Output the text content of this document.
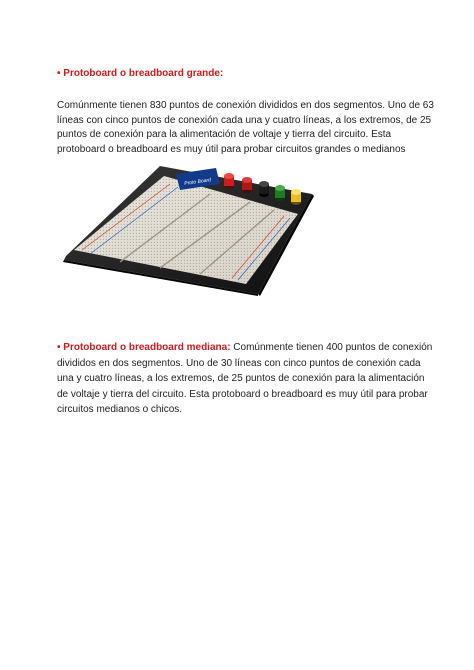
• Protoboard o breadboard grande:
Comúnmente tienen 830 puntos de conexión divididos en dos segmentos. Uno de 63
líneas con cinco puntos de conexión cada una y cuatro líneas, a los extremos, de 25
puntos de conexión para la alimentación de voltaje y tierra del circuito. Esta
protoboard o breadboard es muy útil para probar circuitos grandes o medianos
Proto Board
• Protoboard o breadboard mediana: Comúnmente tienen 400 puntos de conexión
divididos en dos segmentos. Uno de 30 líneas con cinco puntos de conexión cada
una y cuatro líneas, a los extremos, de 25 puntos de conexión para la alimentación
de voltaje y tierra del circuito. Esta protoboard o breadboard es muy útil para probar
circuitos medianos o chicos.
